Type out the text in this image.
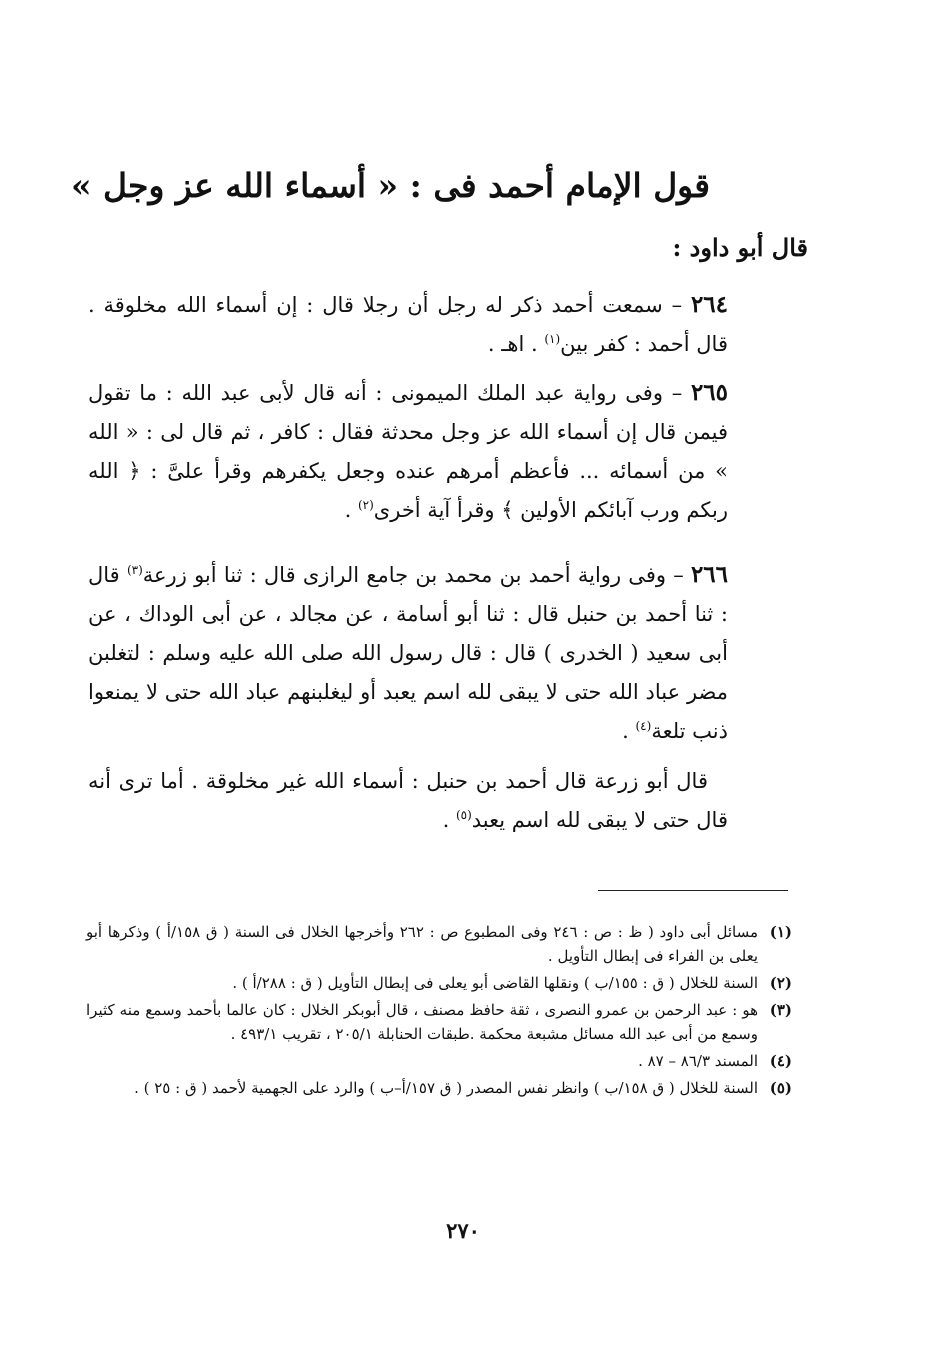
قول الإمام أحمد فى : « أسماء الله عز وجل »
قال أبو داود :

٢٦٤ – سمعت أحمد ذكر له رجل أن رجلا قال : إن أسماء الله مخلوقة . قال أحمد : كفر بين$^{(١)}$ . اهـ .

٢٦٥ – وفى رواية عبد الملك الميمونى : أنه قال لأبى عبد الله : ما تقول فيمن قال إن أسماء الله عز وجل محدثة فقال : كافر ، ثم قال لى : « الله » من أسمائه ... فأعظم أمرهم عنده وجعل يكفرهم وقرأ علىَّ : ﴿ الله ربكم ورب آبائكم الأولين ﴾ وقرأ آية أخرى$^{(٢)}$ .

٢٦٦ – وفى رواية أحمد بن محمد بن جامع الرازى قال : ثنا أبو زرعة$^{(٣)}$ قال : ثنا أحمد بن حنبل قال : ثنا أبو أسامة ، عن مجالد ، عن أبى الوداك ، عن أبى سعيد ( الخدرى ) قال : قال رسول الله صلى الله عليه وسلم : لتغلبن مضر عباد الله حتى لا يبقى لله اسم يعبد أو ليغلبنهم عباد الله حتى لا يمنعوا ذنب تلعة$^{(٤)}$ .

قال أبو زرعة قال أحمد بن حنبل : أسماء الله غير مخلوقة . أما ترى أنه قال حتى لا يبقى لله اسم يعبد$^{(٥)}$ .

(١)
مسائل أبى داود ( ظ : ص : ٢٤٦ وفى المطبوع ص : ٢٦٢ وأخرجها الخلال فى السنة ( ق ١٥٨/أ ) وذكرها أبو يعلى بن الفراء فى إبطال التأويل .
(٢)
السنة للخلال ( ق : ١٥٥/ب ) ونقلها القاضى أبو يعلى فى إبطال التأويل ( ق : ٢٨٨/أ ) .
(٣)
هو : عبد الرحمن بن عمرو النصرى ، ثقة حافظ مصنف ، قال أبوبكر الخلال : كان عالما بأحمد وسمع منه كثيرا وسمع من أبى عبد الله مسائل مشبعة محكمة .طبقات الحنابلة ٢٠٥/١ ، تقريب ٤٩٣/١ .
(٤)
المسند ٨٦/٣ – ٨٧ .
(٥)
السنة للخلال ( ق ١٥٨/ب ) وانظر نفس المصدر ( ق ١٥٧/أ–ب ) والرد على الجهمية لأحمد ( ق : ٢٥ ) .
٢٧٠
